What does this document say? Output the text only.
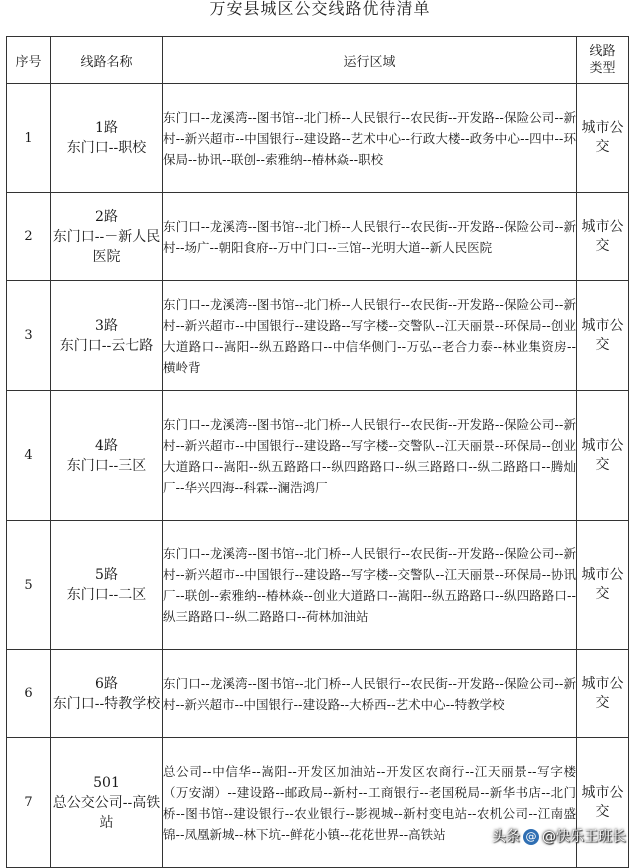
万安县城区公交线路优待清单
序号	线路名称	运行区域	线路
类型
1	1路
东门口--职校	东门口--龙溪湾--图书馆--北门桥--人民银行--农民街--开发路--保险公司--新村--新兴超市--中国银行--建设路--艺术中心--行政大楼--政务中心--四中--环保局--协讯--联创--索雅纳--椿林焱--职校	城市公交
2	2路
东门口--－新人民医院	东门口--龙溪湾--图书馆--北门桥--人民银行--农民街--开发路--保险公司--新村--场广--朝阳食府--万中门口--三馆--光明大道--新人民医院	城市公交
3	3路
东门口--云七路	东门口--龙溪湾--图书馆--北门桥--人民银行--农民街--开发路--保险公司--新村--新兴超市--中国银行--建设路--写字楼--交警队--江天丽景--环保局--创业大道路口--嵩阳--纵五路路口--中信华侧门--万弘--老合力泰--林业集资房--横岭背	城市公交
4	4路
东门口--三区	东门口--龙溪湾--图书馆--北门桥--人民银行--农民街--开发路--保险公司--新村--新兴超市--中国银行--建设路--写字楼--交警队--江天丽景--环保局--创业大道路口--嵩阳--纵五路路口--纵四路路口--纵三路路口--纵二路路口--腾灿厂--华兴四海--科霖--澜浩鸿厂	城市公交
5	5路
东门口--二区	东门口--龙溪湾--图书馆--北门桥--人民银行--农民街--开发路--保险公司--新村--新兴超市--中国银行--建设路--写字楼--交警队--江天丽景--环保局--协讯厂--联创--索雅纳--椿林焱--创业大道路口--嵩阳--纵五路路口--纵四路路口--纵三路路口--纵二路路口--荷林加油站	城市公交
6	6路
东门口--特教学校	东门口--龙溪湾--图书馆--北门桥--人民银行--农民街--开发路--保险公司--新村--新兴超市--中国银行--建设路--大桥西--艺术中心--特教学校	城市公交
7	501
总公交公司--高铁站	总公司--中信华--嵩阳--开发区加油站--开发区农商行--江天丽景--写字楼（万安湖）--建设路--邮政局--新村--工商银行--老国税局--新华书店--北门桥--图书馆--建设银行--农业银行--影视城--新村变电站--农机公司--江南盛锦--凤凰新城--林下坑--鲜花小镇--花花世界--高铁站	城市公交
头条 @ @快乐王班长
